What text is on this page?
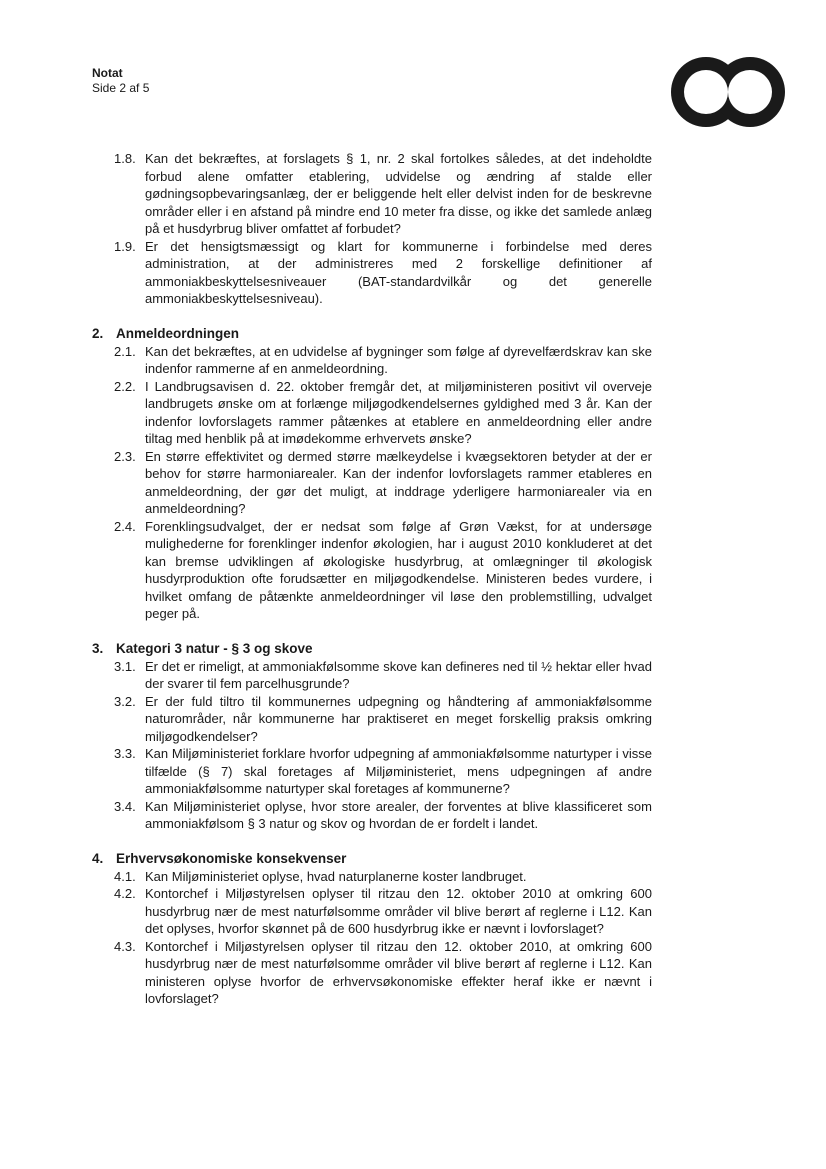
Notat
Side 2 af 5
1.8. Kan det bekræftes, at forslagets § 1, nr. 2 skal fortolkes således, at det indeholdte forbud alene omfatter etablering, udvidelse og ændring af stalde eller gødningsopbevaringsanlæg, der er beliggende helt eller delvist inden for de beskrevne områder eller i en afstand på mindre end 10 meter fra disse, og ikke det samlede anlæg på et husdyrbrug bliver omfattet af forbudet?
1.9. Er det hensigtsmæssigt og klart for kommunerne i forbindelse med deres administration, at der administreres med 2 forskellige definitioner af ammoniakbeskyttelsesniveauer (BAT-standardvilkår og det generelle ammoniakbeskyttelsesniveau).
2. Anmeldeordningen
2.1. Kan det bekræftes, at en udvidelse af bygninger som følge af dyrevelfærdskrav kan ske indenfor rammerne af en anmeldeordning.
2.2. I Landbrugsavisen d. 22. oktober fremgår det, at miljøministeren positivt vil overveje landbrugets ønske om at forlænge miljøgodkendelsernes gyldighed med 3 år. Kan der indenfor lovforslagets rammer påtænkes at etablere en anmeldeordning eller andre tiltag med henblik på at imødekomme erhvervets ønske?
2.3. En større effektivitet og dermed større mælkeydelse i kvægsektoren betyder at der er behov for større harmoniarealer. Kan der indenfor lovforslagets rammer etableres en anmeldeordning, der gør det muligt, at inddrage yderligere harmoniarealer via en anmeldeordning?
2.4. Forenklingsudvalget, der er nedsat som følge af Grøn Vækst, for at undersøge mulighederne for forenklinger indenfor økologien, har i august 2010 konkluderet at det kan bremse udviklingen af økologiske husdyrbrug, at omlægninger til økologisk husdyrproduktion ofte forudsætter en miljøgodkendelse. Ministeren bedes vurdere, i hvilket omfang de påtænkte anmeldeordninger vil løse den problemstilling, udvalget peger på.
3. Kategori 3 natur - § 3 og skove
3.1. Er det er rimeligt, at ammoniakfølsomme skove kan defineres ned til ½ hektar eller hvad der svarer til fem parcelhusgrunde?
3.2. Er der fuld tiltro til kommunernes udpegning og håndtering af ammoniakfølsomme naturområder, når kommunerne har praktiseret en meget forskellig praksis omkring miljøgodkendelser?
3.3. Kan Miljøministeriet forklare hvorfor udpegning af ammoniakfølsomme naturtyper i visse tilfælde (§ 7) skal foretages af Miljøministeriet, mens udpegningen af andre ammoniakfølsomme naturtyper skal foretages af kommunerne?
3.4. Kan Miljøministeriet oplyse, hvor store arealer, der forventes at blive klassificeret som ammoniakfølsom § 3 natur og skov og hvordan de er fordelt i landet.
4. Erhvervsøkonomiske konsekvenser
4.1. Kan Miljøministeriet oplyse, hvad naturplanerne koster landbruget.
4.2. Kontorchef i Miljøstyrelsen oplyser til ritzau den 12. oktober 2010 at omkring 600 husdyrbrug nær de mest naturfølsomme områder vil blive berørt af reglerne i L12. Kan det oplyses, hvorfor skønnet på de 600 husdyrbrug ikke er nævnt i lovforslaget?
4.3. Kontorchef i Miljøstyrelsen oplyser til ritzau den 12. oktober 2010, at omkring 600 husdyrbrug nær de mest naturfølsomme områder vil blive berørt af reglerne i L12. Kan ministeren oplyse hvorfor de erhvervsøkonomiske effekter heraf ikke er nævnt i lovforslaget?
